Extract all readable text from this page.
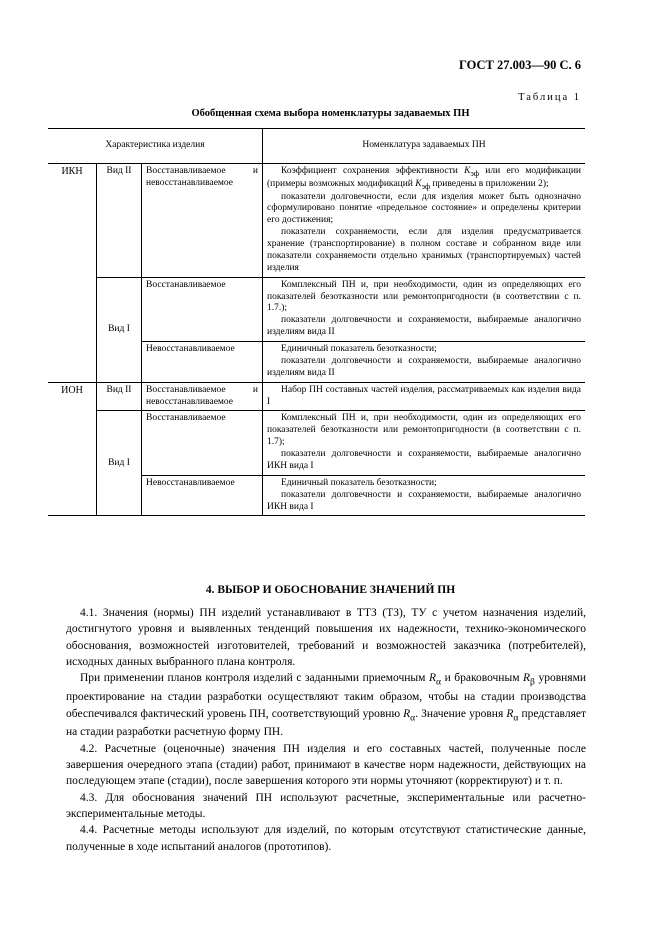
ГОСТ 27.003—90 С. 6
Таблица 1
Обобщенная схема выбора номенклатуры задаваемых ПН
Характеристика изделия			Номенклатура задаваемых ПН
ИКН	Вид II	Восстанавливаемое и невосстанавливаемое	Коэффициент сохранения эффективности $K_{эф}$ или его модификации (примеры возможных модификаций $K_{эф}$ приведены в приложении 2);

показатели долговечности, если для изделия может быть однозначно сформулировано понятие «предельное состояние» и определены критерии его достижения;

показатели сохраняемости, если для изделия предусматривается хранение (транспортирование) в полном составе и собранном виде или показатели сохраняемости отдельно хранимых (транспортируемых) частей изделия

	Вид I	Восстанавливаемое	Комплексный ПН и, при необходимости, один из определяющих его показателей безотказности или ремонтопригодности (в соответствии с п. 1.7.);

показатели долговечности и сохраняемости, выбираемые аналогично изделиям вида II

		Невосстанавливаемое	Единичный показатель безотказности;

показатели долговечности и сохраняемости, выбираемые аналогично изделиям вида II

ИОН	Вид II	Восстанавливаемое и невосстанавливаемое	Набор ПН составных частей изделия, рассматриваемых как изделия вида I

	Вид I	Восстанавливаемое	Комплексный ПН и, при необходимости, один из определяющих его показателей безотказности или ремонтопригодности (в соответствии с п. 1.7);

показатели долговечности и сохраняемости, выбираемые аналогично ИКН вида I

		Невосстанавливаемое	Единичный показатель безотказности;

показатели долговечности и сохраняемости, выбираемые аналогично ИКН вида I

4. ВЫБОР И ОБОСНОВАНИЕ ЗНАЧЕНИЙ ПН

4.1. Значения (нормы) ПН изделий устанавливают в ТТЗ (ТЗ), ТУ с учетом назначения изделий, достигнутого уровня и выявленных тенденций повышения их надежности, технико-экономического обоснования, возможностей изготовителей, требований и возможностей заказчика (потребителей), исходных данных выбранного плана контроля.

При применении планов контроля изделий с заданными приемочным $R_\alpha$ и браковочным $R_\beta$ уровнями проектирование на стадии разработки осуществляют таким образом, чтобы на стадии производства обеспечивался фактический уровень ПН, соответствующий уровню $R_\alpha$. Значение уровня $R_\alpha$ представляет на стадии разработки расчетную форму ПН.

4.2. Расчетные (оценочные) значения ПН изделия и его составных частей, полученные после завершения очередного этапа (стадии) работ, принимают в качестве норм надежности, действующих на последующем этапе (стадии), после завершения которого эти нормы уточняют (корректируют) и т. п.

4.3. Для обоснования значений ПН используют расчетные, экспериментальные или расчетно-экспериментальные методы.

4.4. Расчетные методы используют для изделий, по которым отсутствуют статистические данные, полученные в ходе испытаний аналогов (прототипов).
